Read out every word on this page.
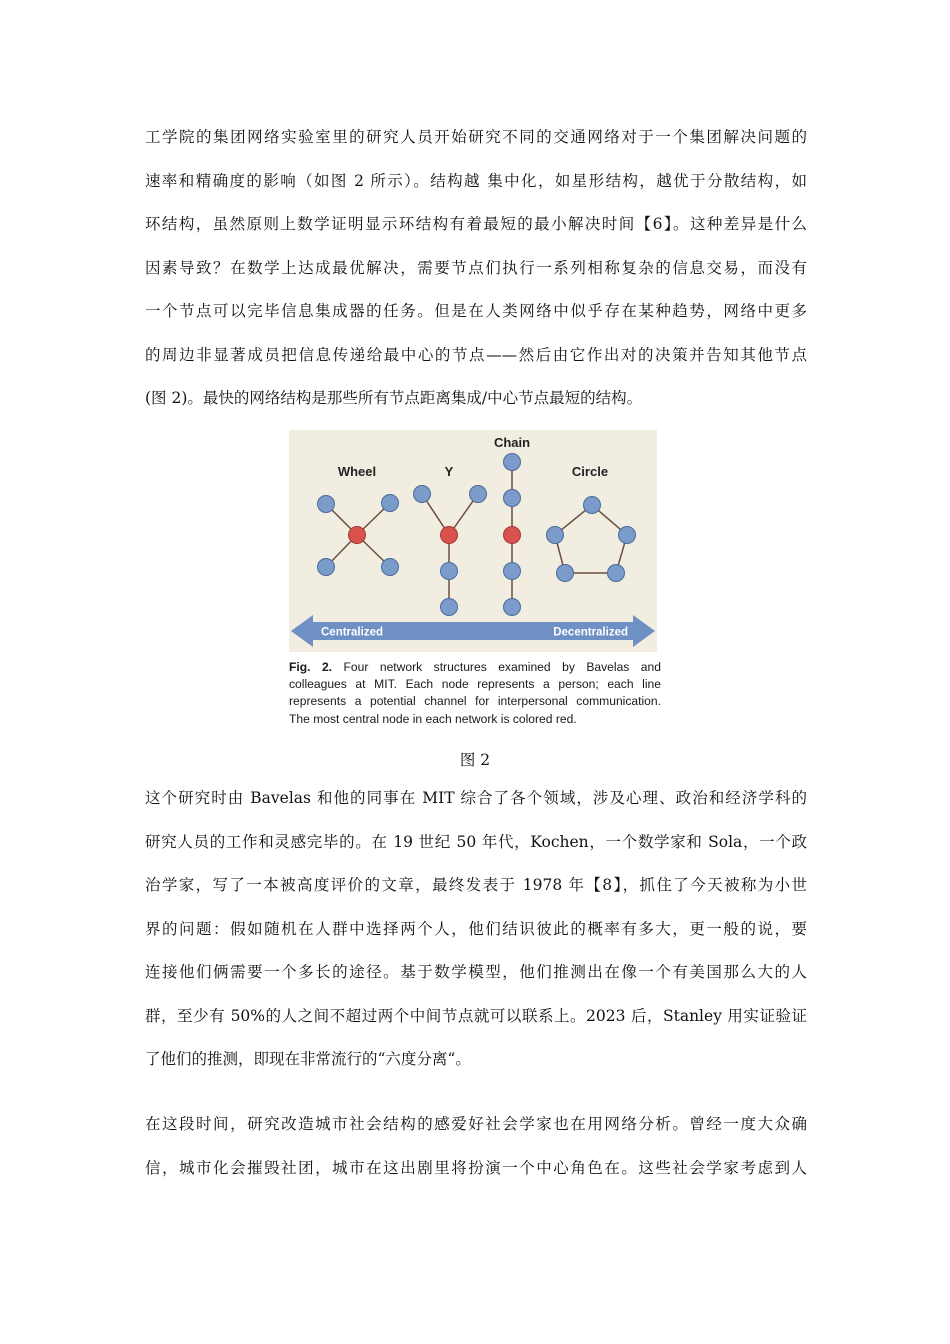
工学院的集团网络实验室里的研究人员开始研究不同的交通网络对于一个集团解决问题的
速率和精确度的影响（如图 2 所示）。结构越 集中化，如星形结构，越优于分散结构，如
环结构，虽然原则上数学证明显示环结构有着最短的最小解决时间【6】。这种差异是什么
因素导致？在数学上达成最优解决，需要节点们执行一系列相称复杂的信息交易，而没有
一个节点可以完毕信息集成器的任务。但是在人类网络中似乎存在某种趋势，网络中更多
的周边非显著成员把信息传递给最中心的节点——然后由它作出对的决策并告知其他节点
(图 2)。最快的网络结构是那些所有节点距离集成/中心节点最短的结构。
Wheel	Y
Chain
Circle
Centralized	Decentralized
Fig. 2. Four network structures examined by Bavelas and
colleagues at MIT. Each node represents a person; each line
represents a potential channel for interpersonal communication.
The most central node in each network is colored red.
图 2
这个研究时由 Bavelas 和他的同事在 MIT 综合了各个领域，涉及心理、政治和经济学科的
研究人员的工作和灵感完毕的。在 19 世纪 50 年代，Kochen，一个数学家和 Sola，一个政
治学家，写了一本被高度评价的文章，最终发表于 1978 年【8】，抓住了今天被称为小世
界的问题：假如随机在人群中选择两个人，他们结识彼此的概率有多大，更一般的说，要
连接他们俩需要一个多长的途径。基于数学模型，他们推测出在像一个有美国那么大的人
群，至少有 50%的人之间不超过两个中间节点就可以联系上。2023 后，Stanley 用实证验证
了他们的推测，即现在非常流行的“六度分离“。
在这段时间，研究改造城市社会结构的感爱好社会学家也在用网络分析。曾经一度大众确
信，城市化会摧毁社团，城市在这出剧里将扮演一个中心角色在。这些社会学家考虑到人
